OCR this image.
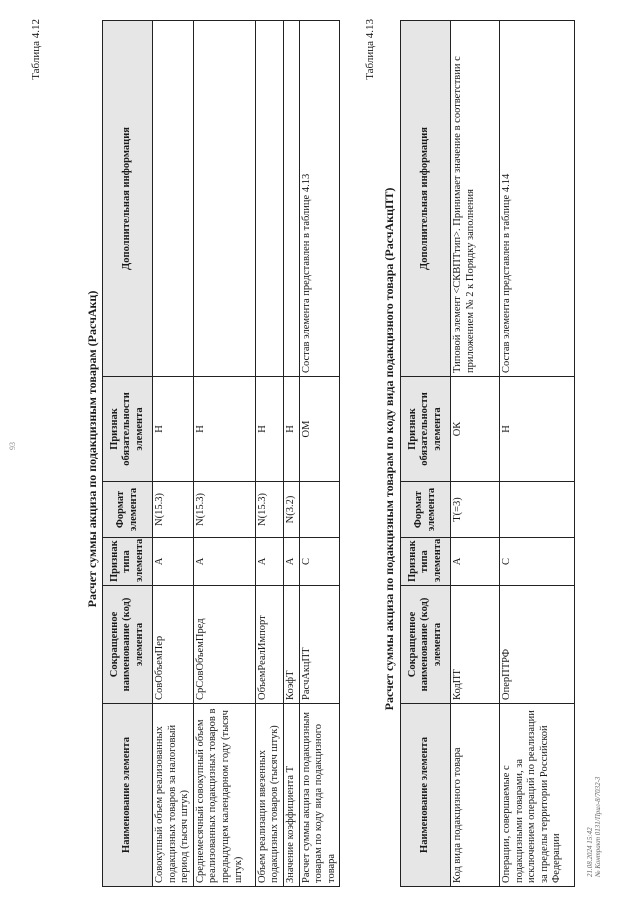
93
Таблица 4.12
Расчет суммы акциза по подакцизным товарам (РасчАкц)
Наименование элемента	Сокращенное наименование (код) элемента	Признак типа элемента	Формат элемента	Признак обязательности элемента	Дополнительная информация
Совокупный объем реализованных подакцизных товаров за налоговый период (тысяч штук)	СовОбъемПер	А	N(15.3)	Н	
Среднемесячный совокупный объем реализованных подакцизных товаров в предыдущем календарном году (тысяч штук)	СрСовОбъемПред	А	N(15.3)	Н	
Объем реализации ввезенных подакцизных товаров (тысяч штук)	ОбъемРеалИмпорт	А	N(15.3)	Н	
Значение коэффициента Т	КоэфТ	А	N(3.2)	Н	
Расчет суммы акциза по подакцизным товарам по коду вида подакцизного товара	РасчАкцПТ	С		ОМ	Состав элемента представлен в таблице 4.13
Таблица 4.13
Расчет суммы акциза по подакцизным товарам по коду вида подакцизного товара (РасчАкцПТ)
Наименование элемента	Сокращенное наименование (код) элемента	Признак типа элемента	Формат элемента	Признак обязательности элемента	Дополнительная информация
Код вида подакцизного товара	КодПТ	А	T(=3)	ОК	Типовой элемент <СКВПТтип>. Принимает значение в соответствии с приложением № 2 к Порядку заполнения
Операции, совершаемые с подакцизными товарами, за исключением операций по реализации за пределы территории Российской Федерации	ОперПТРФ	С		Н	Состав элемента представлен в таблице 4.14
21.08.2024 15:42 № Контракт 0131/Прил-8/7032-3
